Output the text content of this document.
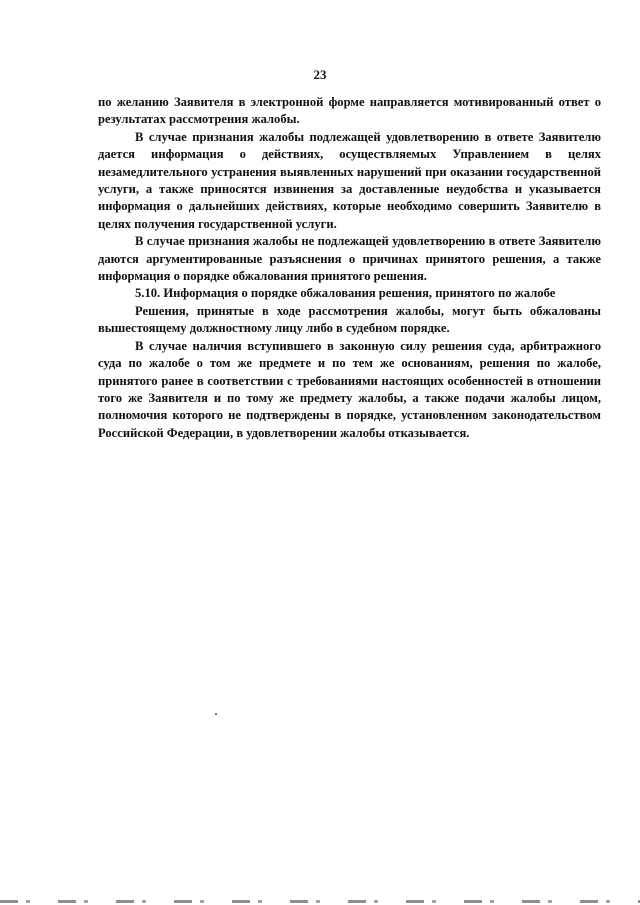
23

по желанию Заявителя в электронной форме направляется мотивированный ответ о результатах рассмотрения жалобы.

В случае признания жалобы подлежащей удовлетворению в ответе Заявителю дается информация о действиях, осуществляемых Управлением в целях незамедлительного устранения выявленных нарушений при оказании государственной услуги, а также приносятся извинения за доставленные неудобства и указывается информация о дальнейших действиях, которые необходимо совершить Заявителю в целях получения государственной услуги.

В случае признания жалобы не подлежащей удовлетворению в ответе Заявителю даются аргументированные разъяснения о причинах принятого решения, а также информация о порядке обжалования принятого решения.

5.10. Информация о порядке обжалования решения, принятого по жалобе

Решения, принятые в ходе рассмотрения жалобы, могут быть обжалованы вышестоящему должностному лицу либо в судебном порядке.

В случае наличия вступившего в законную силу решения суда, арбитражного суда по жалобе о том же предмете и по тем же основаниям, решения по жалобе, принятого ранее в соответствии с требованиями настоящих особенностей в отношении того же Заявителя и по тому же предмету жалобы, а также подачи жалобы лицом, полномочия которого не подтверждены в порядке, установленном законодательством Российской Федерации, в удовлетворении жалобы отказывается.
